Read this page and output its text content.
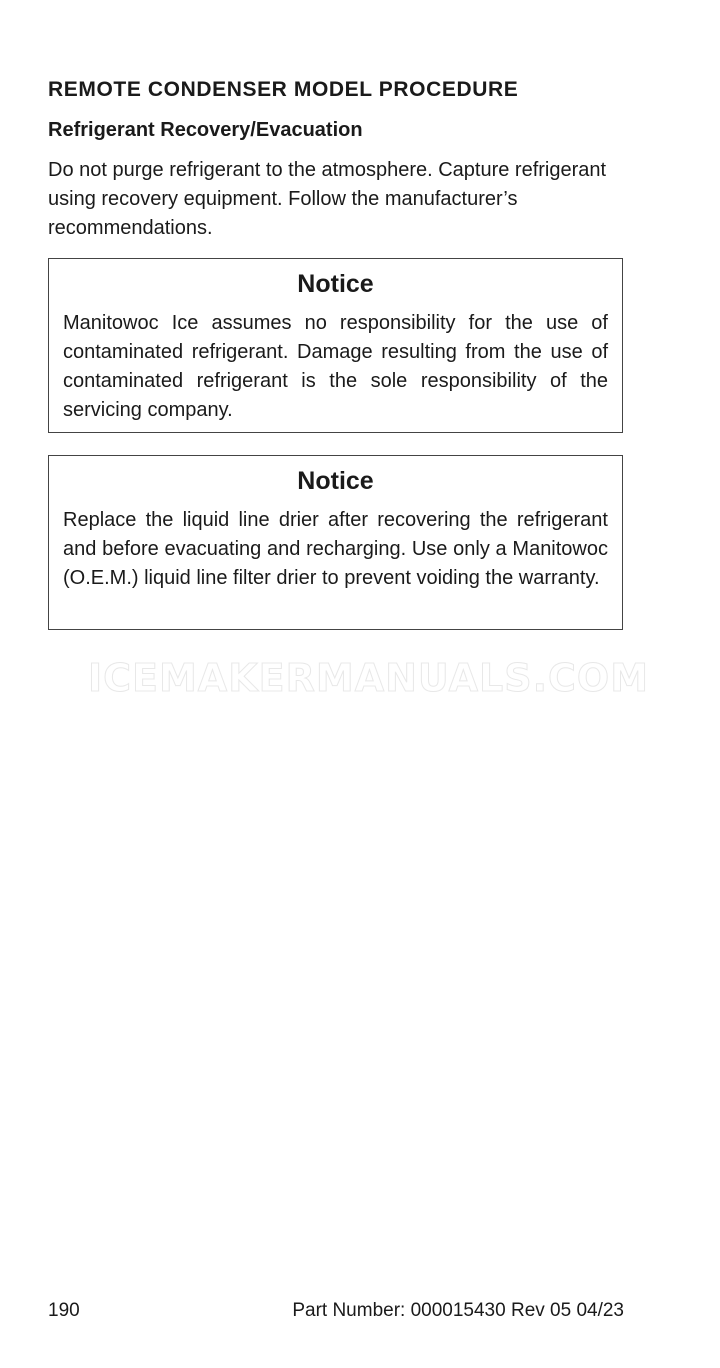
REMOTE CONDENSER MODEL PROCEDURE
Refrigerant Recovery/Evacuation

Do not purge refrigerant to the atmosphere. Capture refrigerant using recovery equipment. Follow the manufacturer’s recommendations.

Notice

Manitowoc Ice assumes no responsibility for the use of contaminated refrigerant. Damage resulting from the use of contaminated refrigerant is the sole responsibility of the servicing company.

Notice

Replace the liquid line drier after recovering the refrigerant and before evacuating and recharging. Use only a Manitowoc (O.E.M.) liquid line filter drier to prevent voiding the warranty.

ICEMAKERMANUALS.COM
190	Part Number: 000015430 Rev 05 04/23
